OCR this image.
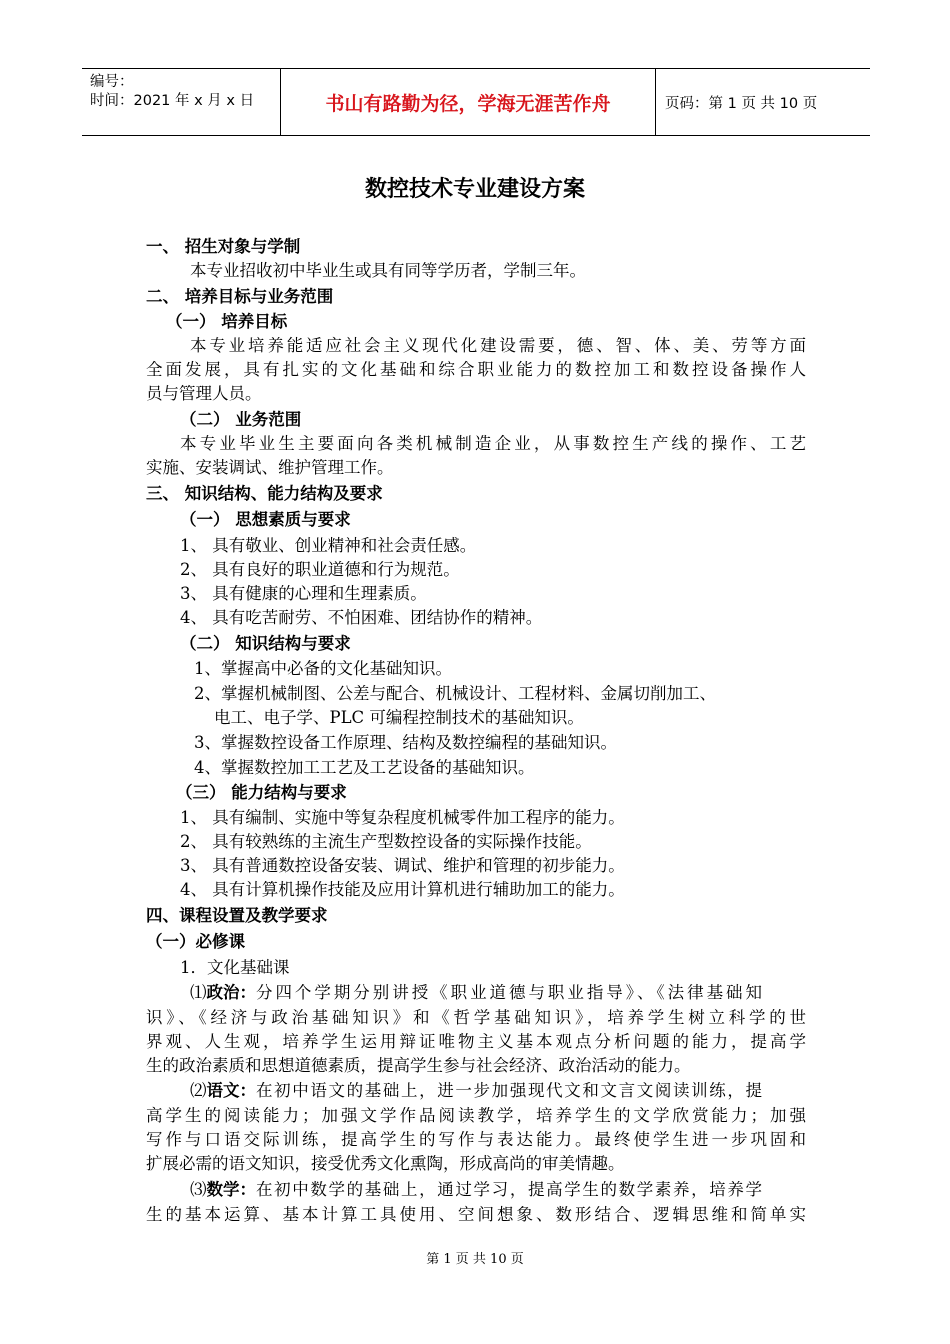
编号：
时间：2021 年 x 月 x 日	书山有路勤为径，学海无涯苦作舟	页码：第 1 页 共 10 页
数控技术专业建设方案
一、 招生对象与学制
本专业招收初中毕业生或具有同等学历者，学制三年。
二、 培养目标与业务范围
（一） 培养目标
本专业培养能适应社会主义现代化建设需要，德、智、体、美、劳等方面
全面发展，具有扎实的文化基础和综合职业能力的数控加工和数控设备操作人
员与管理人员。
（二） 业务范围
本专业毕业生主要面向各类机械制造企业，从事数控生产线的操作、工艺
实施、安装调试、维护管理工作。
三、 知识结构、能力结构及要求
（一） 思想素质与要求
1、 具有敬业、创业精神和社会责任感。
2、 具有良好的职业道德和行为规范。
3、 具有健康的心理和生理素质。
4、 具有吃苦耐劳、不怕困难、团结协作的精神。
（二） 知识结构与要求
1、掌握高中必备的文化基础知识。
2、掌握机械制图、公差与配合、机械设计、工程材料、金属切削加工、
电工、电子学、PLC 可编程控制技术的基础知识。
3、掌握数控设备工作原理、结构及数控编程的基础知识。
4、掌握数控加工工艺及工艺设备的基础知识。
（三） 能力结构与要求
1、 具有编制、实施中等复杂程度机械零件加工程序的能力。
2、 具有较熟练的主流生产型数控设备的实际操作技能。
3、 具有普通数控设备安装、调试、维护和管理的初步能力。
4、 具有计算机操作技能及应用计算机进行辅助加工的能力。
四、课程设置及教学要求
（一）必修课
1．文化基础课
⑴ 政治： 分四个学期分别讲授《职业道德与职业指导》、《法律基础知
识》、《经济与政治基础知识》和《哲学基础知识》，培养学生树立科学的世
界观、人生观，培养学生运用辩证唯物主义基本观点分析问题的能力，提高学
生的政治素质和思想道德素质，提高学生参与社会经济、政治活动的能力。
⑵ 语文： 在初中语文的基础上，进一步加强现代文和文言文阅读训练，提
高学生的阅读能力；加强文学作品阅读教学，培养学生的文学欣赏能力；加强
写作与口语交际训练，提高学生的写作与表达能力。最终使学生进一步巩固和
扩展必需的语文知识，接受优秀文化熏陶，形成高尚的审美情趣。
⑶ 数学： 在初中数学的基础上，通过学习，提高学生的数学素养，培养学
生的基本运算、基本计算工具使用、空间想象、数形结合、逻辑思维和简单实
第 1 页 共 10 页
